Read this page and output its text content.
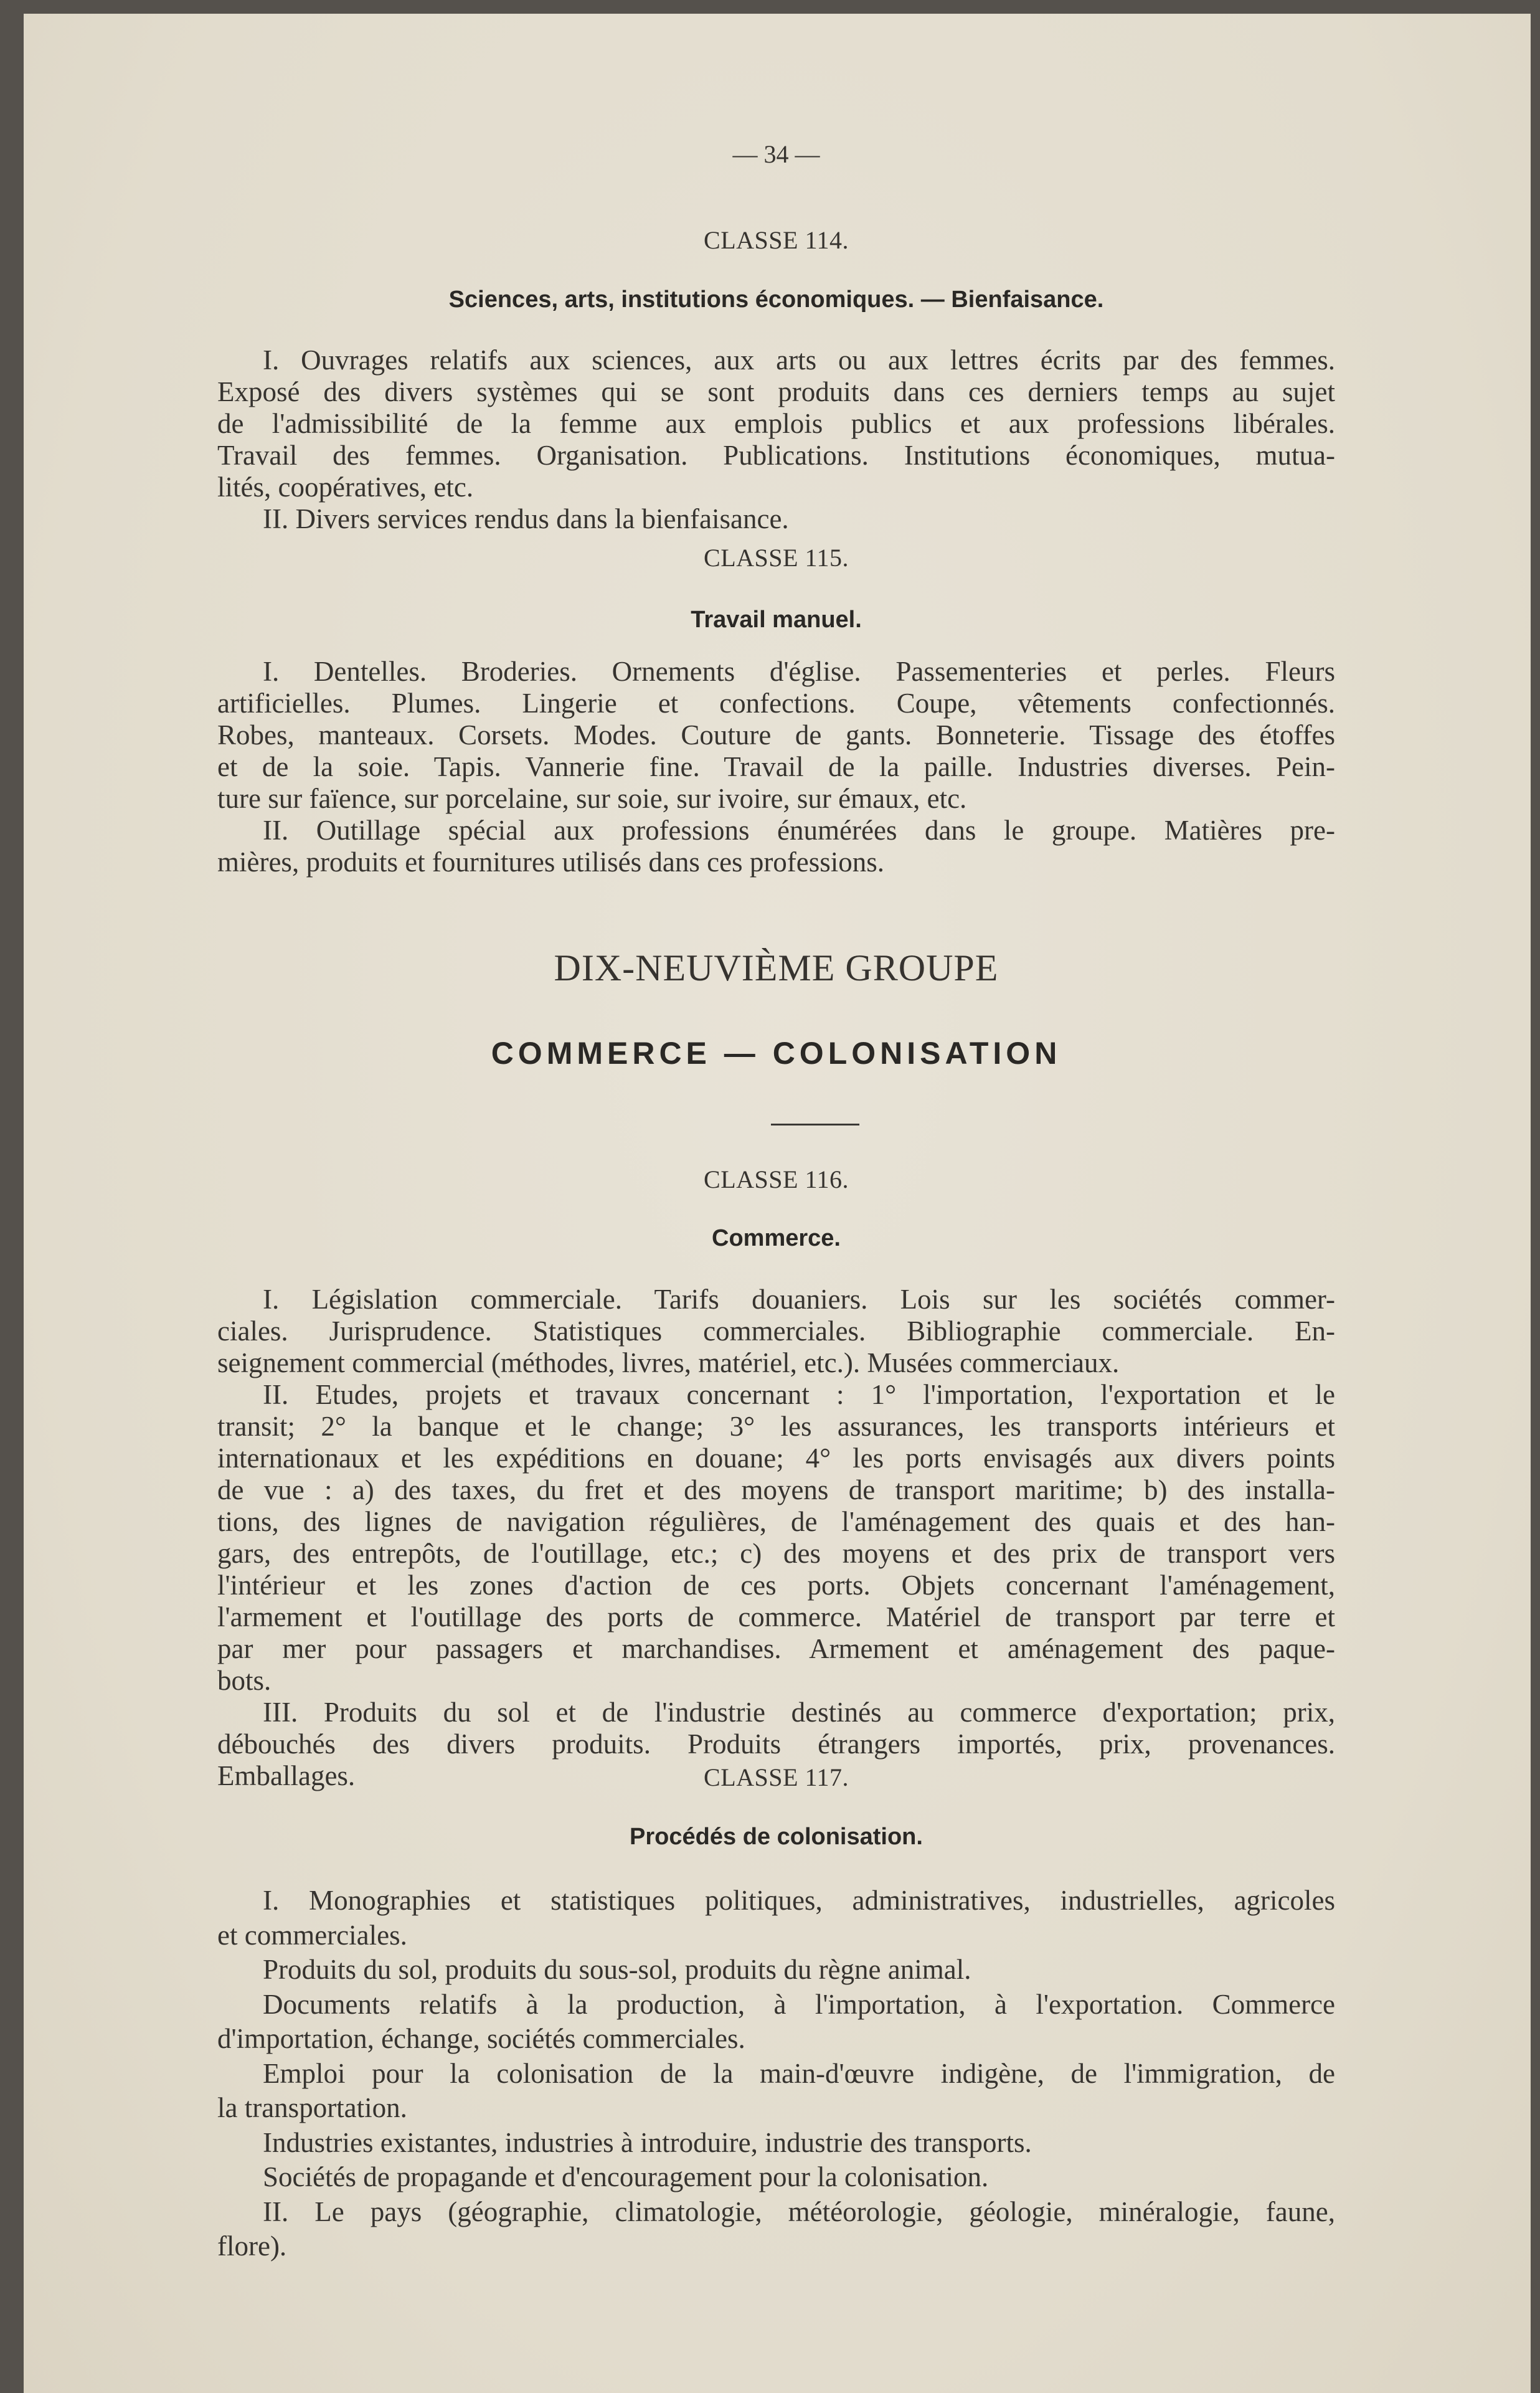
— 34 —
CLASSE 114.
Sciences, arts, institutions économiques. — Bienfaisance.
I. Ouvrages relatifs aux sciences, aux arts ou aux lettres écrits par des femmes.
Exposé des divers systèmes qui se sont produits dans ces derniers temps au sujet
de l'admissibilité de la femme aux emplois publics et aux professions libérales.
Travail des femmes. Organisation. Publications. Institutions économiques, mutua-
lités, coopératives, etc.
II. Divers services rendus dans la bienfaisance.
CLASSE 115.
Travail manuel.
I. Dentelles. Broderies. Ornements d'église. Passementeries et perles. Fleurs
artificielles. Plumes. Lingerie et confections. Coupe, vêtements confectionnés.
Robes, manteaux. Corsets. Modes. Couture de gants. Bonneterie. Tissage des étoffes
et de la soie. Tapis. Vannerie fine. Travail de la paille. Industries diverses. Pein-
ture sur faïence, sur porcelaine, sur soie, sur ivoire, sur émaux, etc.
II. Outillage spécial aux professions énumérées dans le groupe. Matières pre-
mières, produits et fournitures utilisés dans ces professions.
DIX-NEUVIÈME GROUPE
COMMERCE — COLONISATION
CLASSE 116.
Commerce.
I. Législation commerciale. Tarifs douaniers. Lois sur les sociétés commer-
ciales. Jurisprudence. Statistiques commerciales. Bibliographie commerciale. En-
seignement commercial (méthodes, livres, matériel, etc.). Musées commerciaux.
II. Etudes, projets et travaux concernant : 1° l'importation, l'exportation et le
transit; 2° la banque et le change; 3° les assurances, les transports intérieurs et
internationaux et les expéditions en douane; 4° les ports envisagés aux divers points
de vue : a) des taxes, du fret et des moyens de transport maritime; b) des installa-
tions, des lignes de navigation régulières, de l'aménagement des quais et des han-
gars, des entrepôts, de l'outillage, etc.; c) des moyens et des prix de transport vers
l'intérieur et les zones d'action de ces ports. Objets concernant l'aménagement,
l'armement et l'outillage des ports de commerce. Matériel de transport par terre et
par mer pour passagers et marchandises. Armement et aménagement des paque-
bots.
III. Produits du sol et de l'industrie destinés au commerce d'exportation; prix,
débouchés des divers produits. Produits étrangers importés, prix, provenances.
Emballages.	CLASSE 117.
Procédés de colonisation.
I. Monographies et statistiques politiques, administratives, industrielles, agricoles
et commerciales.
Produits du sol, produits du sous-sol, produits du règne animal.
Documents relatifs à la production, à l'importation, à l'exportation. Commerce
d'importation, échange, sociétés commerciales.
Emploi pour la colonisation de la main-d'œuvre indigène, de l'immigration, de
la transportation.
Industries existantes, industries à introduire, industrie des transports.
Sociétés de propagande et d'encouragement pour la colonisation.
II. Le pays (géographie, climatologie, météorologie, géologie, minéralogie, faune,
flore).
